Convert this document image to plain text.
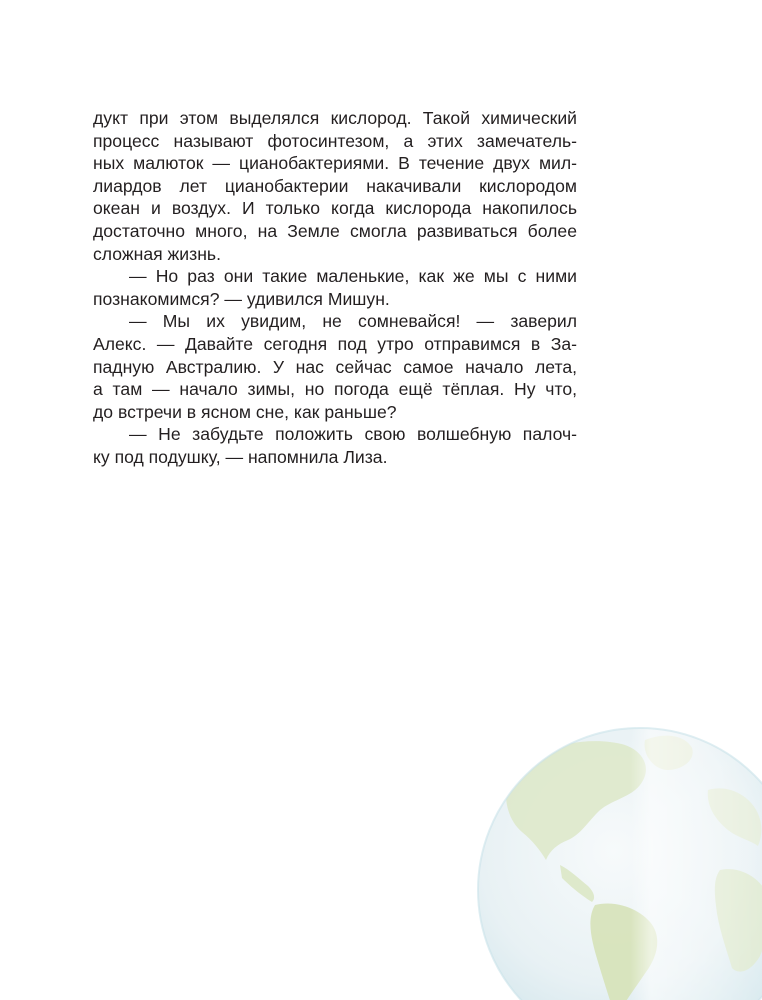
дукт при этом выделялся кислород. Такой химический
процесс называют фотосинтезом, а этих замечатель-
ных малюток — цианобактериями. В течение двух мил-
лиардов лет цианобактерии накачивали кислородом
океан и воздух. И только когда кислорода накопилось
достаточно много, на Земле смогла развиваться более
сложная жизнь.
— Но раз они такие маленькие, как же мы с ними
познакомимся? — удивился Мишун.
— Мы их увидим, не сомневайся! — заверил
Алекс. — Давайте сегодня под утро отправимся в За-
падную Австралию. У нас сейчас самое начало лета,
а там — начало зимы, но погода ещё тёплая. Ну что,
до встречи в ясном сне, как раньше?
— Не забудьте положить свою волшебную палоч-
ку под подушку, — напомнила Лиза.
